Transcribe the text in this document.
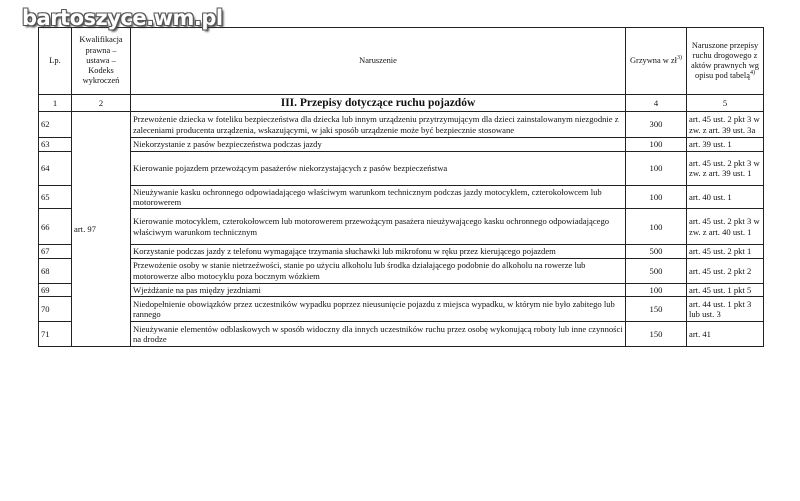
bartoszyce.wm.pl
Lp.	Kwalifikacja prawna – ustawa – Kodeks wykroczeń	Naruszenie	Grzywna w $zł^{3)}$	Naruszone przepisy ruchu drogowego z aktów prawnych wg opisu pod tabelą$^{4)}$
1	2	III. Przepisy dotyczące ruchu pojazdów	4	5
62	art. 97	Przewożenie dziecka w foteliku bezpieczeństwa dla dziecka lub innym urządzeniu przytrzymującym dla dzieci zainstalowanym niezgodnie z zaleceniami producenta urządzenia, wskazującymi, w jaki sposób urządzenie może być bezpiecznie stosowane	300	art. 45 ust. 2 pkt 3 w zw. z art. 39 ust. 3a
63		Niekorzystanie z pasów bezpieczeństwa podczas jazdy	100	art. 39 ust. 1
64		Kierowanie pojazdem przewożącym pasażerów niekorzystających z pasów bezpieczeństwa	100	art. 45 ust. 2 pkt 3 w zw. z art. 39 ust. 1
65		Nieużywanie kasku ochronnego odpowiadającego właściwym warunkom technicznym podczas jazdy motocyklem, czterokołowcem lub motorowerem	100	art. 40 ust. 1
66		Kierowanie motocyklem, czterokołowcem lub motorowerem przewożącym pasażera nieużywającego kasku ochronnego odpowiadającego właściwym warunkom technicznym	100	art. 45 ust. 2 pkt 3 w zw. z art. 40 ust. 1
67		Korzystanie podczas jazdy z telefonu wymagające trzymania słuchawki lub mikrofonu w ręku przez kierującego pojazdem	500	art. 45 ust. 2 pkt 1
68		Przewożenie osoby w stanie nietrzeźwości, stanie po użyciu alkoholu lub środka działającego podobnie do alkoholu na rowerze lub motorowerze albo motocyklu poza bocznym wózkiem	500	art. 45 ust. 2 pkt 2
69		Wjeżdżanie na pas między jezdniami	100	art. 45 ust. 1 pkt 5
70		Niedopełnienie obowiązków przez uczestników wypadku poprzez nieusunięcie pojazdu z miejsca wypadku, w którym nie było zabitego lub rannego	150	art. 44 ust. 1 pkt 3 lub ust. 3
71		Nieużywanie elementów odblaskowych w sposób widoczny dla innych uczestników ruchu przez osobę wykonującą roboty lub inne czynności na drodze	150	art. 41
